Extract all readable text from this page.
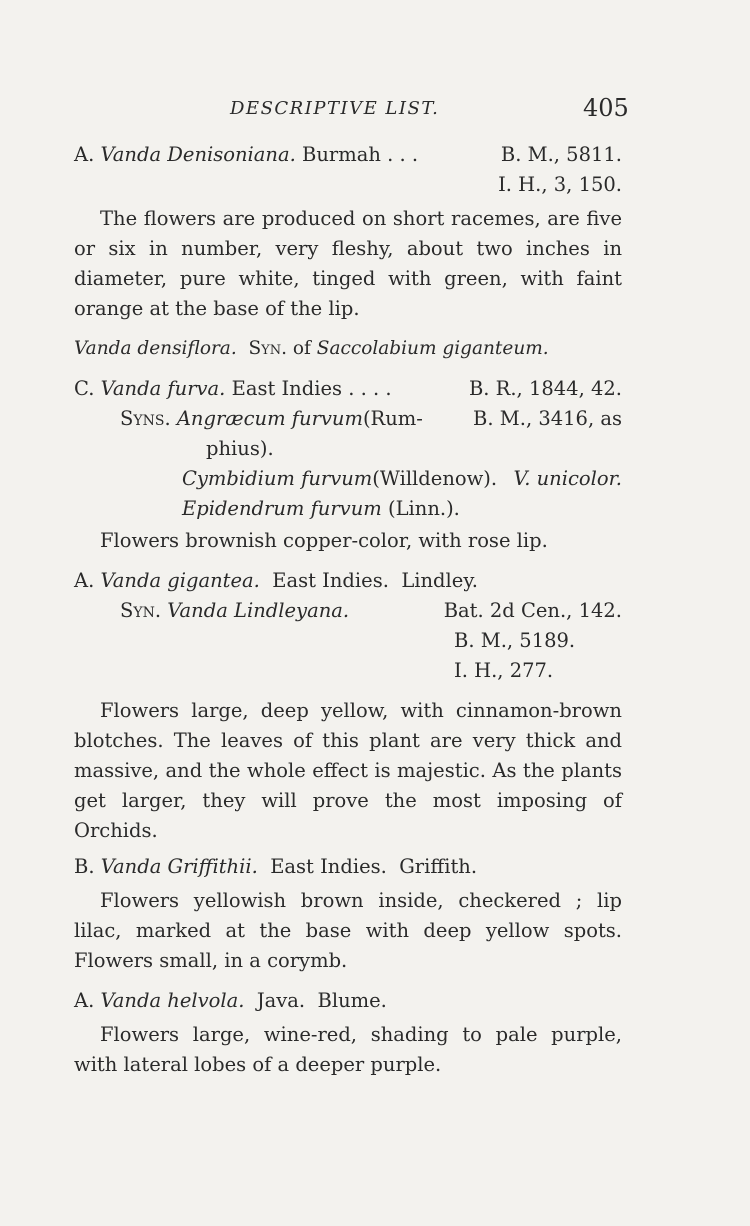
DESCRIPTIVE LIST.	405
A. Vanda Denisoniana. Burmah . . .	B. M., 5811.
I. H., 3, 150.

The flowers are produced on short racemes, are five or six in number, very fleshy, about two inches in diameter, pure white, tinged with green, with faint orange at the base of the lip.

Vanda densiflora. Syn. of Saccolabium giganteum.
C. Vanda furva. East Indies . . . .	B. R., 1844, 42.
Syns. Angræcum furvum(Rum-	B. M., 3416, as
phius).
Cymbidium furvum(Willdenow). V. unicolor.
Epidendrum furvum (Linn.).

Flowers brownish copper-color, with rose lip.

A. Vanda gigantea. East Indies. Lindley.
Syn. Vanda Lindleyana.	Bat. 2d Cen., 142.
B. M., 5189.
I. H., 277.

Flowers large, deep yellow, with cinnamon-brown blotches. The leaves of this plant are very thick and massive, and the whole effect is majestic. As the plants get larger, they will prove the most imposing of Orchids.

B. Vanda Griffithii. East Indies. Griffith.

Flowers yellowish brown inside, checkered ; lip lilac, marked at the base with deep yellow spots. Flowers small, in a corymb.

A. Vanda helvola. Java. Blume.

Flowers large, wine-red, shading to pale purple, with lateral lobes of a deeper purple.
